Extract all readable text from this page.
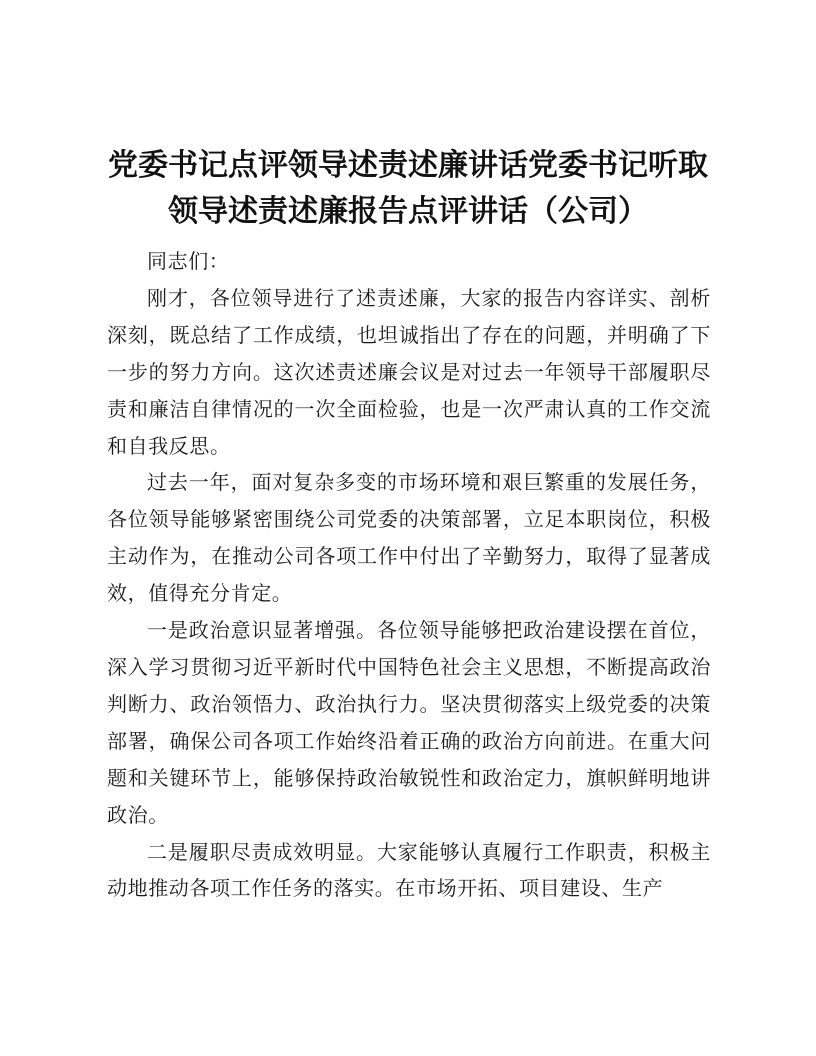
党委书记点评领导述责述廉讲话党委书记听取
领导述责述廉报告点评讲话（公司）

同志们：

刚才，各位领导进行了述责述廉，大家的报告内容详实、剖析深刻，既总结了工作成绩，也坦诚指出了存在的问题，并明确了下一步的努力方向。这次述责述廉会议是对过去一年领导干部履职尽责和廉洁自律情况的一次全面检验，也是一次严肃认真的工作交流和自我反思。

过去一年，面对复杂多变的市场环境和艰巨繁重的发展任务，各位领导能够紧密围绕公司党委的决策部署，立足本职岗位，积极主动作为，在推动公司各项工作中付出了辛勤努力，取得了显著成效，值得充分肯定。

一是政治意识显著增强。各位领导能够把政治建设摆在首位，深入学习贯彻习近平新时代中国特色社会主义思想，不断提高政治判断力、政治领悟力、政治执行力。坚决贯彻落实上级党委的决策部署，确保公司各项工作始终沿着正确的政治方向前进。在重大问题和关键环节上，能够保持政治敏锐性和政治定力，旗帜鲜明地讲政治。

二是履职尽责成效明显。大家能够认真履行工作职责，积极主动地推动各项工作任务的落实。在市场开拓、项目建设、生产
